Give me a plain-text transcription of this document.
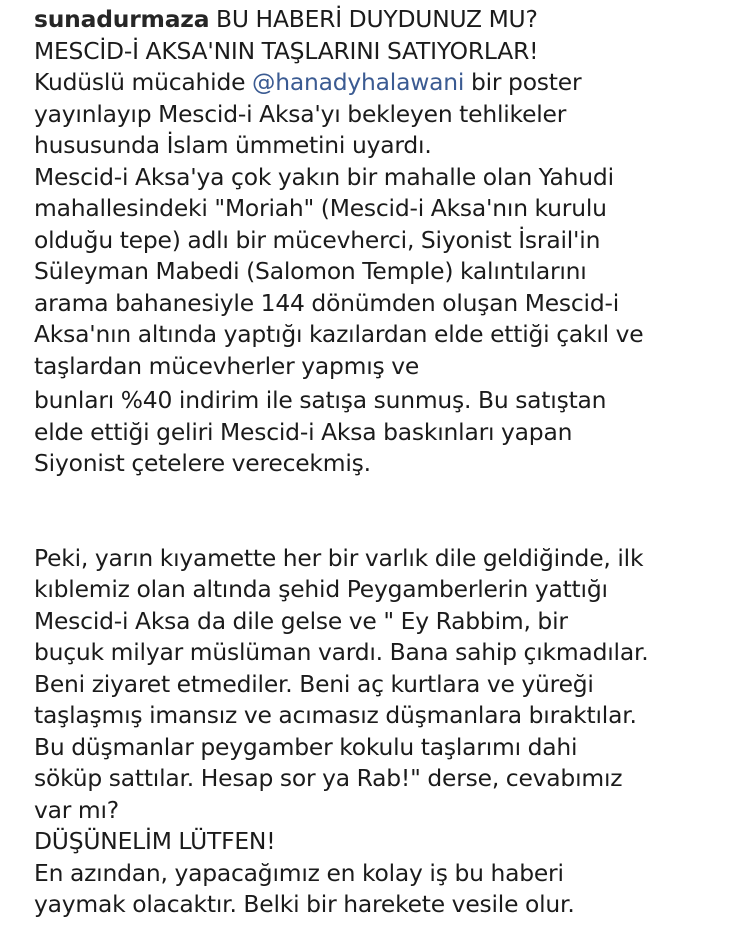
sunadurmaza BU HABERİ DUYDUNUZ MU?
MESCİD-İ AKSA'NIN TAŞLARINI SATIYORLAR!
Kudüslü mücahide @hanadyhalawani bir poster
yayınlayıp Mescid-i Aksa'yı bekleyen tehlikeler
hususunda İslam ümmetini uyardı.
Mescid-i Aksa'ya çok yakın bir mahalle olan Yahudi
mahallesindeki "Moriah" (Mescid-i Aksa'nın kurulu
olduğu tepe) adlı bir mücevherci, Siyonist İsrail'in
Süleyman Mabedi (Salomon Temple) kalıntılarını
arama bahanesiyle 144 dönümden oluşan Mescid-i
Aksa'nın altında yaptığı kazılardan elde ettiği çakıl ve
taşlardan mücevherler yapmış ve
bunları %40 indirim ile satışa sunmuş. Bu satıştan
elde ettiği geliri Mescid-i Aksa baskınları yapan
Siyonist çetelere verecekmiş.
Peki, yarın kıyamette her bir varlık dile geldiğinde, ilk
kıblemiz olan altında şehid Peygamberlerin yattığı
Mescid-i Aksa da dile gelse ve " Ey Rabbim, bir
buçuk milyar müslüman vardı. Bana sahip çıkmadılar.
Beni ziyaret etmediler. Beni aç kurtlara ve yüreği
taşlaşmış imansız ve acımasız düşmanlara bıraktılar.
Bu düşmanlar peygamber kokulu taşlarımı dahi
söküp sattılar. Hesap sor ya Rab!" derse, cevabımız
var mı?
DÜŞÜNELİM LÜTFEN!
En azından, yapacağımız en kolay iş bu haberi
yaymak olacaktır. Belki bir harekete vesile olur.
